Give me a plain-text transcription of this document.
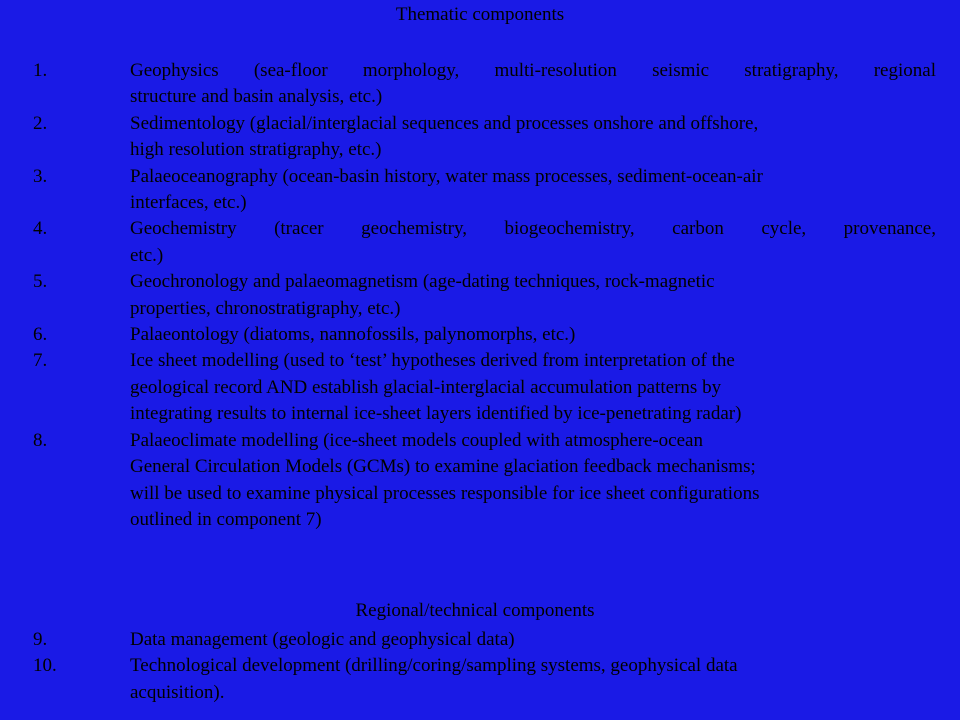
Thematic components
1.	Geophysics (sea-floor morphology, multi-resolution seismic stratigraphy, regional
structure and basin analysis, etc.)
2.	Sedimentology (glacial/interglacial sequences and processes onshore and offshore,
high resolution stratigraphy, etc.)
3.	Palaeoceanography (ocean-basin history, water mass processes, sediment-ocean-air
interfaces, etc.)
4.	Geochemistry (tracer geochemistry, biogeochemistry, carbon cycle, provenance,
etc.)
5.	Geochronology and palaeomagnetism (age-dating techniques, rock-magnetic
properties, chronostratigraphy, etc.)
6.	Palaeontology (diatoms, nannofossils, palynomorphs, etc.)
7.	Ice sheet modelling (used to ‘test’ hypotheses derived from interpretation of the
geological record AND establish glacial-interglacial accumulation patterns by
integrating results to internal ice-sheet layers identified by ice-penetrating radar)
8.	Palaeoclimate modelling (ice-sheet models coupled with atmosphere-ocean
General Circulation Models (GCMs) to examine glaciation feedback mechanisms;
will be used to examine physical processes responsible for ice sheet configurations
outlined in component 7)
Regional/technical components
9.	Data management (geologic and geophysical data)
10.	Technological development (drilling/coring/sampling systems, geophysical data
acquisition).
